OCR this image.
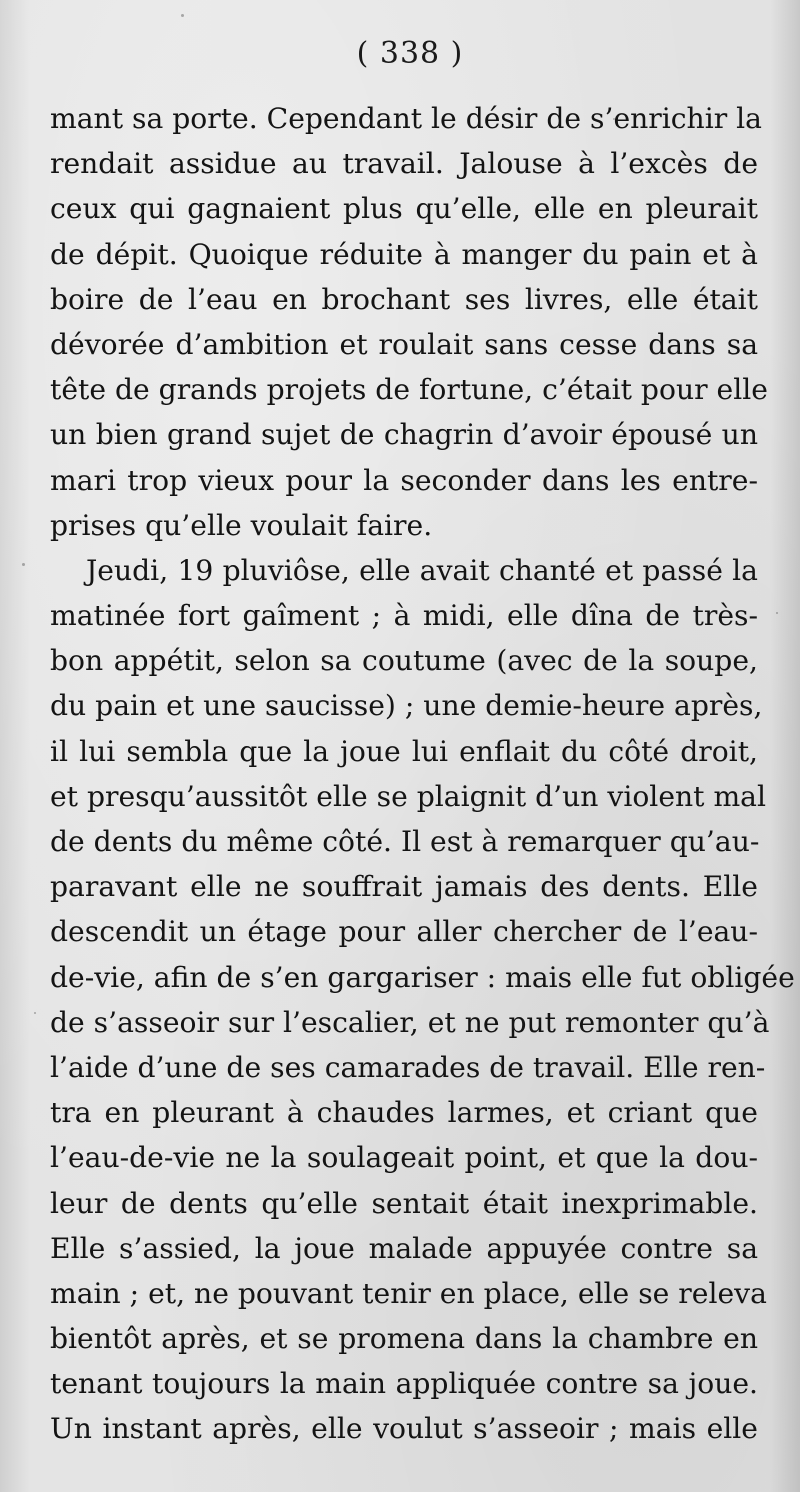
( 338 )
mant sa porte. Cependant le désir de s’enrichir la
rendait assidue au travail. Jalouse à l’excès de
ceux qui gagnaient plus qu’elle, elle en pleurait
de dépit. Quoique réduite à manger du pain et à
boire de l’eau en brochant ses livres, elle était
dévorée d’ambition et roulait sans cesse dans sa
tête de grands projets de fortune, c’était pour elle
un bien grand sujet de chagrin d’avoir épousé un
mari trop vieux pour la seconder dans les entre-
prises qu’elle voulait faire.
Jeudi, 19 pluviôse, elle avait chanté et passé la
matinée fort gaîment ; à midi, elle dîna de très-
bon appétit, selon sa coutume (avec de la soupe,
du pain et une saucisse) ; une demie-heure après,
il lui sembla que la joue lui enflait du côté droit,
et presqu’aussitôt elle se plaignit d’un violent mal
de dents du même côté. Il est à remarquer qu’au-
paravant elle ne souffrait jamais des dents. Elle
descendit un étage pour aller chercher de l’eau-
de-vie, afin de s’en gargariser : mais elle fut obligée
de s’asseoir sur l’escalier, et ne put remonter qu’à
l’aide d’une de ses camarades de travail. Elle ren-
tra en pleurant à chaudes larmes, et criant que
l’eau-de-vie ne la soulageait point, et que la dou-
leur de dents qu’elle sentait était inexprimable.
Elle s’assied, la joue malade appuyée contre sa
main ; et, ne pouvant tenir en place, elle se releva
bientôt après, et se promena dans la chambre en
tenant toujours la main appliquée contre sa joue.
Un instant après, elle voulut s’asseoir ; mais elle
